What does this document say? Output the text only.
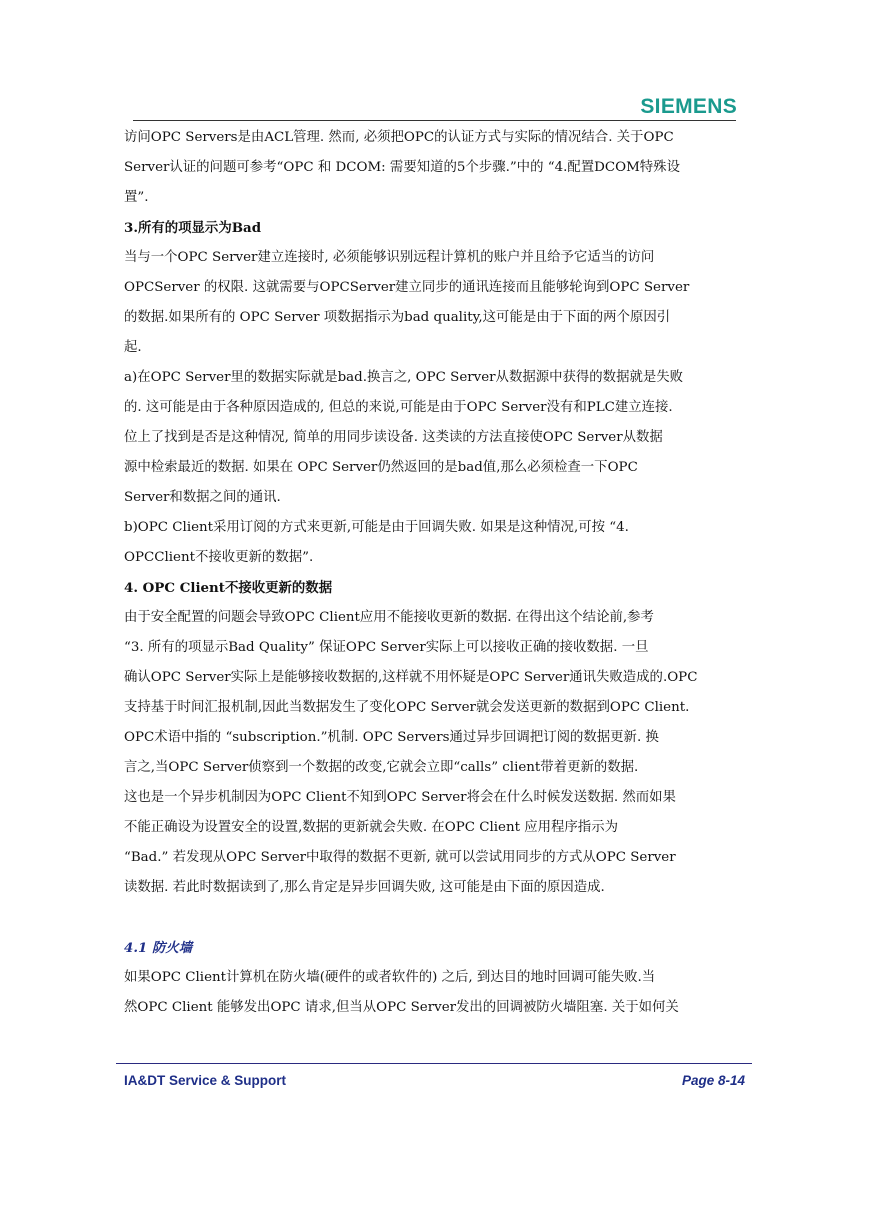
SIEMENS

访问OPC Servers是由ACL管理. 然而, 必须把OPC的认证方式与实际的情况结合. 关于OPC

Server认证的问题可参考“OPC 和 DCOM: 需要知道的5个步骤.”中的 “4.配置DCOM特殊设

置”.

3.所有的项显示为Bad

当与一个OPC Server建立连接时, 必须能够识别远程计算机的账户并且给予它适当的访问

OPCServer 的权限. 这就需要与OPCServer建立同步的通讯连接而且能够轮询到OPC Server

的数据.如果所有的 OPC Server 项数据指示为bad quality,这可能是由于下面的两个原因引

起.

a)在OPC Server里的数据实际就是bad.换言之, OPC Server从数据源中获得的数据就是失败

的. 这可能是由于各种原因造成的, 但总的来说,可能是由于OPC Server没有和PLC建立连接.

位上了找到是否是这种情况, 简单的用同步读设备. 这类读的方法直接使OPC Server从数据

源中检索最近的数据. 如果在 OPC Server仍然返回的是bad值,那么必须检查一下OPC

Server和数据之间的通讯.

b)OPC Client采用订阅的方式来更新,可能是由于回调失败. 如果是这种情况,可按 “4.

OPCClient不接收更新的数据”.

4. OPC Client不接收更新的数据

由于安全配置的问题会导致OPC Client应用不能接收更新的数据. 在得出这个结论前,参考

“3. 所有的项显示Bad Quality” 保证OPC Server实际上可以接收正确的接收数据. 一旦

确认OPC Server实际上是能够接收数据的,这样就不用怀疑是OPC Server通讯失败造成的.OPC

支持基于时间汇报机制,因此当数据发生了变化OPC Server就会发送更新的数据到OPC Client.

OPC术语中指的 “subscription.”机制. OPC Servers通过异步回调把订阅的数据更新. 换

言之,当OPC Server侦察到一个数据的改变,它就会立即“calls” client带着更新的数据.

这也是一个异步机制因为OPC Client不知到OPC Server将会在什么时候发送数据. 然而如果

不能正确设为设置安全的设置,数据的更新就会失败. 在OPC Client 应用程序指示为

“Bad.” 若发现从OPC Server中取得的数据不更新, 就可以尝试用同步的方式从OPC Server

读数据. 若此时数据读到了,那么肯定是异步回调失败, 这可能是由下面的原因造成.

4.1 防火墙

如果OPC Client计算机在防火墙(硬件的或者软件的) 之后, 到达目的地时回调可能失败.当

然OPC Client 能够发出OPC 请求,但当从OPC Server发出的回调被防火墙阻塞. 关于如何关

IA&DT Service & Support	Page 8-14
